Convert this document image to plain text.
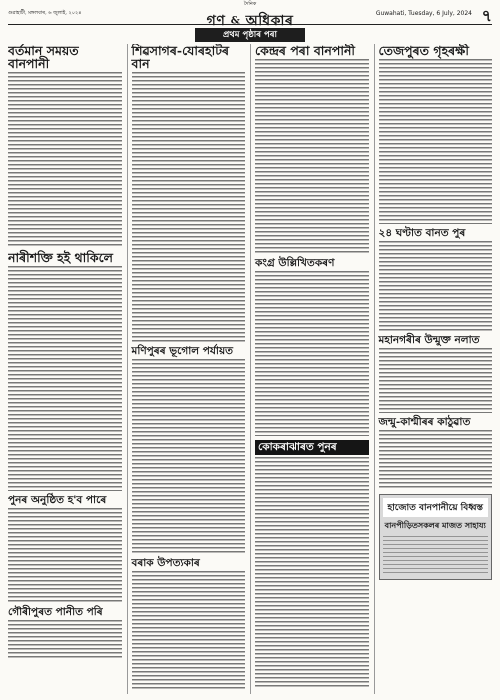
গুৱাহাটী, মঙ্গলবাৰ, ৬ জুলাই, ২০২৪
দৈনিক
গণ & অধিকাৰ	Guwahati, Tuesday, 6 July, 2024 ৭
প্ৰথম পৃষ্ঠাৰ পৰা
বৰ্তমান সময়ত বানপানী
নাৰীশক্তি হই থাকিলে
পুনৰ অনুষ্ঠিত হ'ব পাৰে
গৌৰীপুৰত পানীত পৰি
শিৱসাগৰ-যোৰহাটৰ বান
মণিপুৰৰ ভূগোল পৰ্যায়ত
বৰাক উপত্যকাৰ
কেন্দ্ৰৰ পৰা বানপানী
কংগ্ৰ উল্লিখিতকৰণ
কোকৰাঝাৰত পুনৰ
তেজপুৰত গৃহৰক্ষী
২৪ ঘণ্টাত বানত পুৰ
মহানগৰীৰ উন্মুক্ত নলাত
জন্মু-কাশ্মীৰৰ কাঠুৱাত
হাজোত বানপানীয়ে বিধ্বস্ত
বানপীড়িতসকলৰ মাজত সাহায্য
